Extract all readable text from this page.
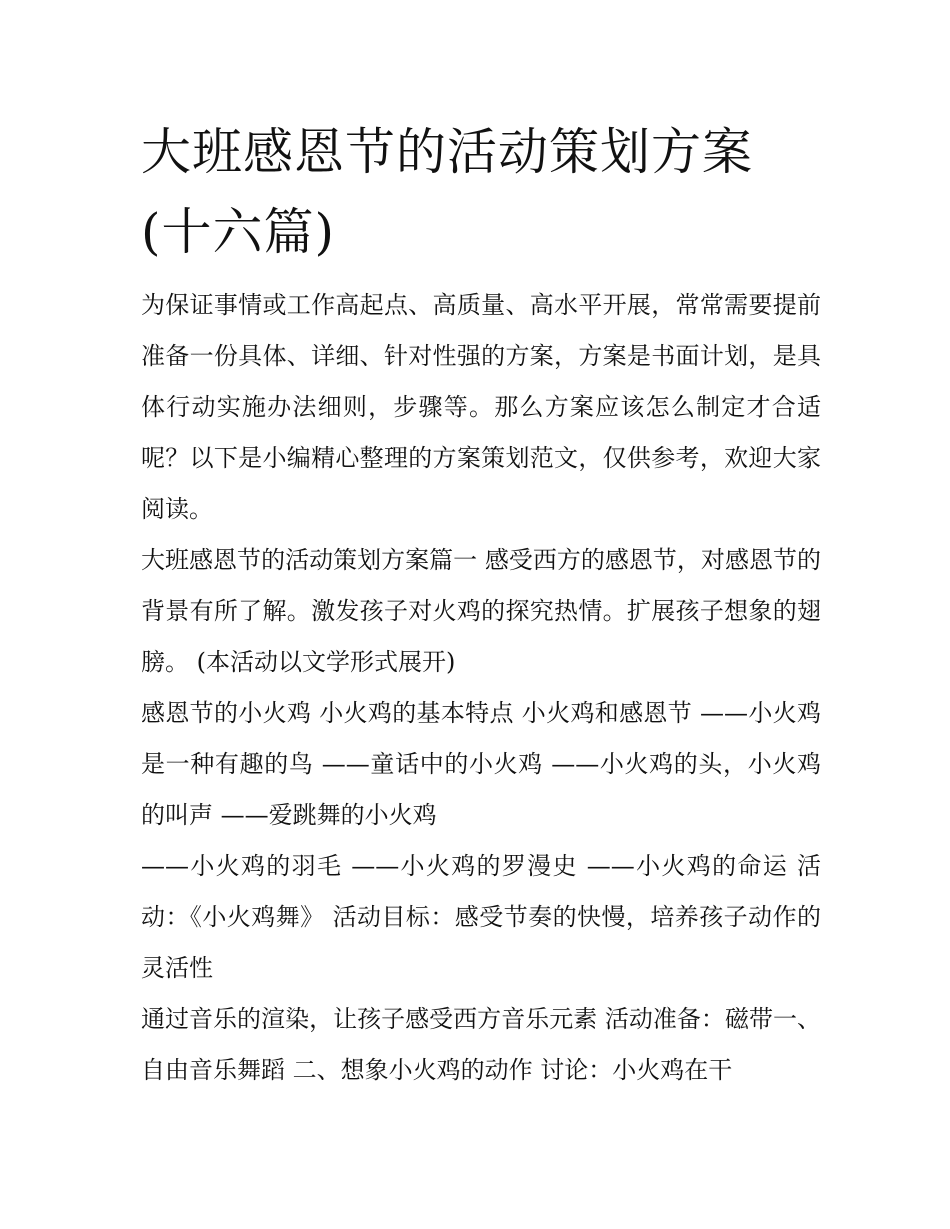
大班感恩节的活动策划方案(十六篇)

为保证事情或工作高起点、高质量、高水平开展，常常需要提前准备一份具体、详细、针对性强的方案，方案是书面计划，是具体行动实施办法细则，步骤等。那么方案应该怎么制定才合适呢？以下是小编精心整理的方案策划范文，仅供参考，欢迎大家阅读。

大班感恩节的活动策划方案篇一 感受西方的感恩节，对感恩节的背景有所了解。激发孩子对火鸡的探究热情。扩展孩子想象的翅膀。 (本活动以文学形式展开)

感恩节的小火鸡 小火鸡的基本特点 小火鸡和感恩节 ——小火鸡是一种有趣的鸟 ——童话中的小火鸡 ——小火鸡的头，小火鸡的叫声 ——爱跳舞的小火鸡

——小火鸡的羽毛 ——小火鸡的罗漫史 ——小火鸡的命运 活动：《小火鸡舞》 活动目标：感受节奏的快慢，培养孩子动作的灵活性

通过音乐的渲染，让孩子感受西方音乐元素 活动准备：磁带一、自由音乐舞蹈 二、想象小火鸡的动作 讨论：小火鸡在干
